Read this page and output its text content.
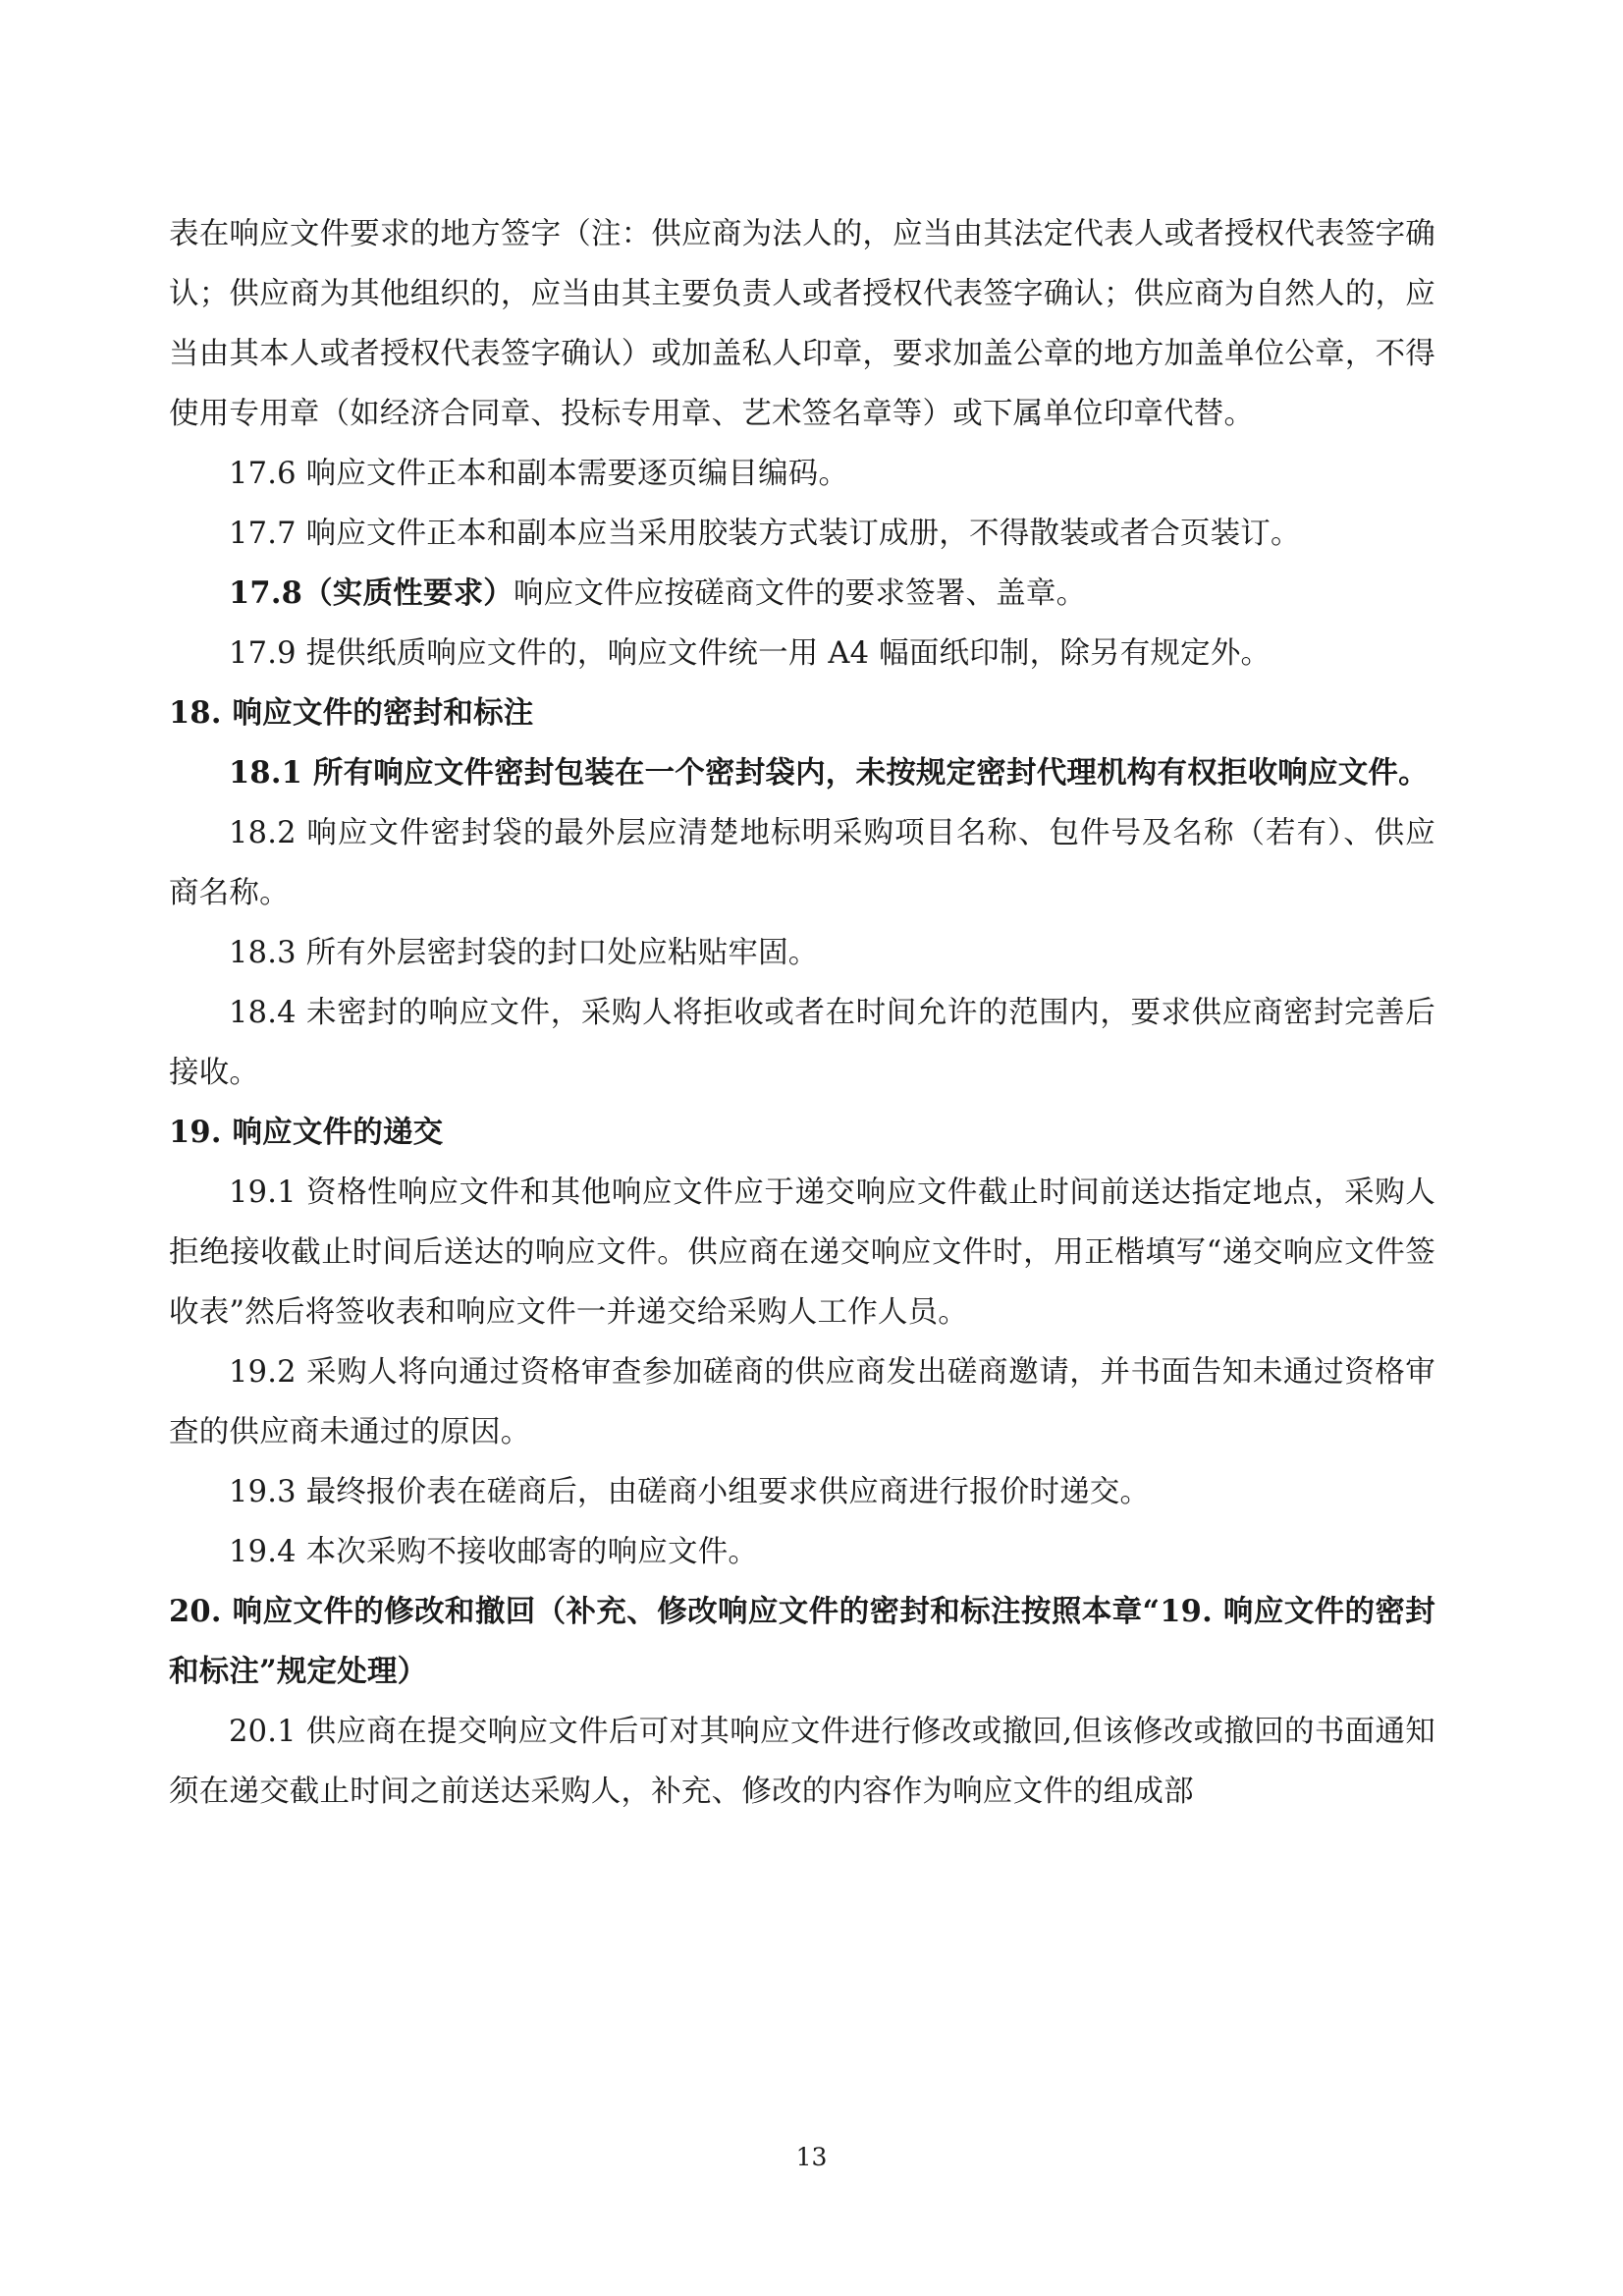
表在响应文件要求的地方签字（注：供应商为法人的，应当由其法定代表人或者授权代表签字确认；供应商为其他组织的，应当由其主要负责人或者授权代表签字确认；供应商为自然人的，应当由其本人或者授权代表签字确认）或加盖私人印章，要求加盖公章的地方加盖单位公章，不得使用专用章（如经济合同章、投标专用章、艺术签名章等）或下属单位印章代替。

17.6 响应文件正本和副本需要逐页编目编码。

17.7 响应文件正本和副本应当采用胶装方式装订成册，不得散装或者合页装订。

17.8（实质性要求）响应文件应按磋商文件的要求签署、盖章。

17.9 提供纸质响应文件的，响应文件统一用 A4 幅面纸印制，除另有规定外。

18. 响应文件的密封和标注

18.1 所有响应文件密封包装在一个密封袋内，未按规定密封代理机构有权拒收响应文件。

18.2 响应文件密封袋的最外层应清楚地标明采购项目名称、包件号及名称（若有）、供应商名称。

18.3 所有外层密封袋的封口处应粘贴牢固。

18.4 未密封的响应文件，采购人将拒收或者在时间允许的范围内，要求供应商密封完善后接收。

19. 响应文件的递交

19.1 资格性响应文件和其他响应文件应于递交响应文件截止时间前送达指定地点，采购人拒绝接收截止时间后送达的响应文件。供应商在递交响应文件时，用正楷填写“递交响应文件签收表”然后将签收表和响应文件一并递交给采购人工作人员。

19.2 采购人将向通过资格审查参加磋商的供应商发出磋商邀请，并书面告知未通过资格审查的供应商未通过的原因。

19.3 最终报价表在磋商后，由磋商小组要求供应商进行报价时递交。

19.4 本次采购不接收邮寄的响应文件。

20. 响应文件的修改和撤回（补充、修改响应文件的密封和标注按照本章“19. 响应文件的密封和标注”规定处理）

20.1 供应商在提交响应文件后可对其响应文件进行修改或撤回,但该修改或撤回的书面通知须在递交截止时间之前送达采购人，补充、修改的内容作为响应文件的组成部

13
